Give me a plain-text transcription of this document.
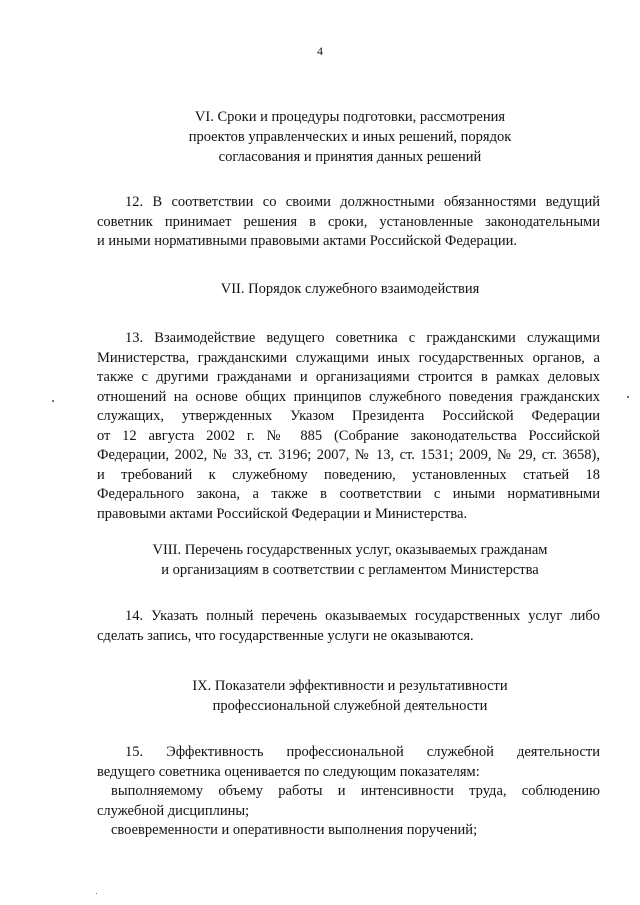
4
VI. Сроки и процедуры подготовки, рассмотрения
проектов управленческих и иных решений, порядок
согласования и принятия данных решений
12. В соответствии со своими должностными обязанностями ведущий
советник принимает решения в сроки, установленные законодательными
и иными нормативными правовыми актами Российской Федерации.
VII. Порядок служебного взаимодействия
13. Взаимодействие ведущего советника с гражданскими служащими
Министерства, гражданскими служащими иных государственных органов, а
также с другими гражданами и организациями строится в рамках деловых
отношений на основе общих принципов служебного поведения гражданских
служащих, утвержденных Указом Президента Российской Федерации
от 12 августа 2002 г. № 885 (Собрание законодательства Российской
Федерации, 2002, № 33, ст. 3196; 2007, № 13, ст. 1531; 2009, № 29, ст. 3658),
и требований к служебному поведению, установленных статьей 18
Федерального закона, а также в соответствии с иными нормативными
правовыми актами Российской Федерации и Министерства.
VIII. Перечень государственных услуг, оказываемых гражданам
и организациям в соответствии с регламентом Министерства
14. Указать полный перечень оказываемых государственных услуг либо
сделать запись, что государственные услуги не оказываются.
IX. Показатели эффективности и результативности
профессиональной служебной деятельности
15. Эффективность профессиональной служебной деятельности
ведущего советника оценивается по следующим показателям:
выполняемому объему работы и интенсивности труда, соблюдению
служебной дисциплины;
своевременности и оперативности выполнения поручений;
